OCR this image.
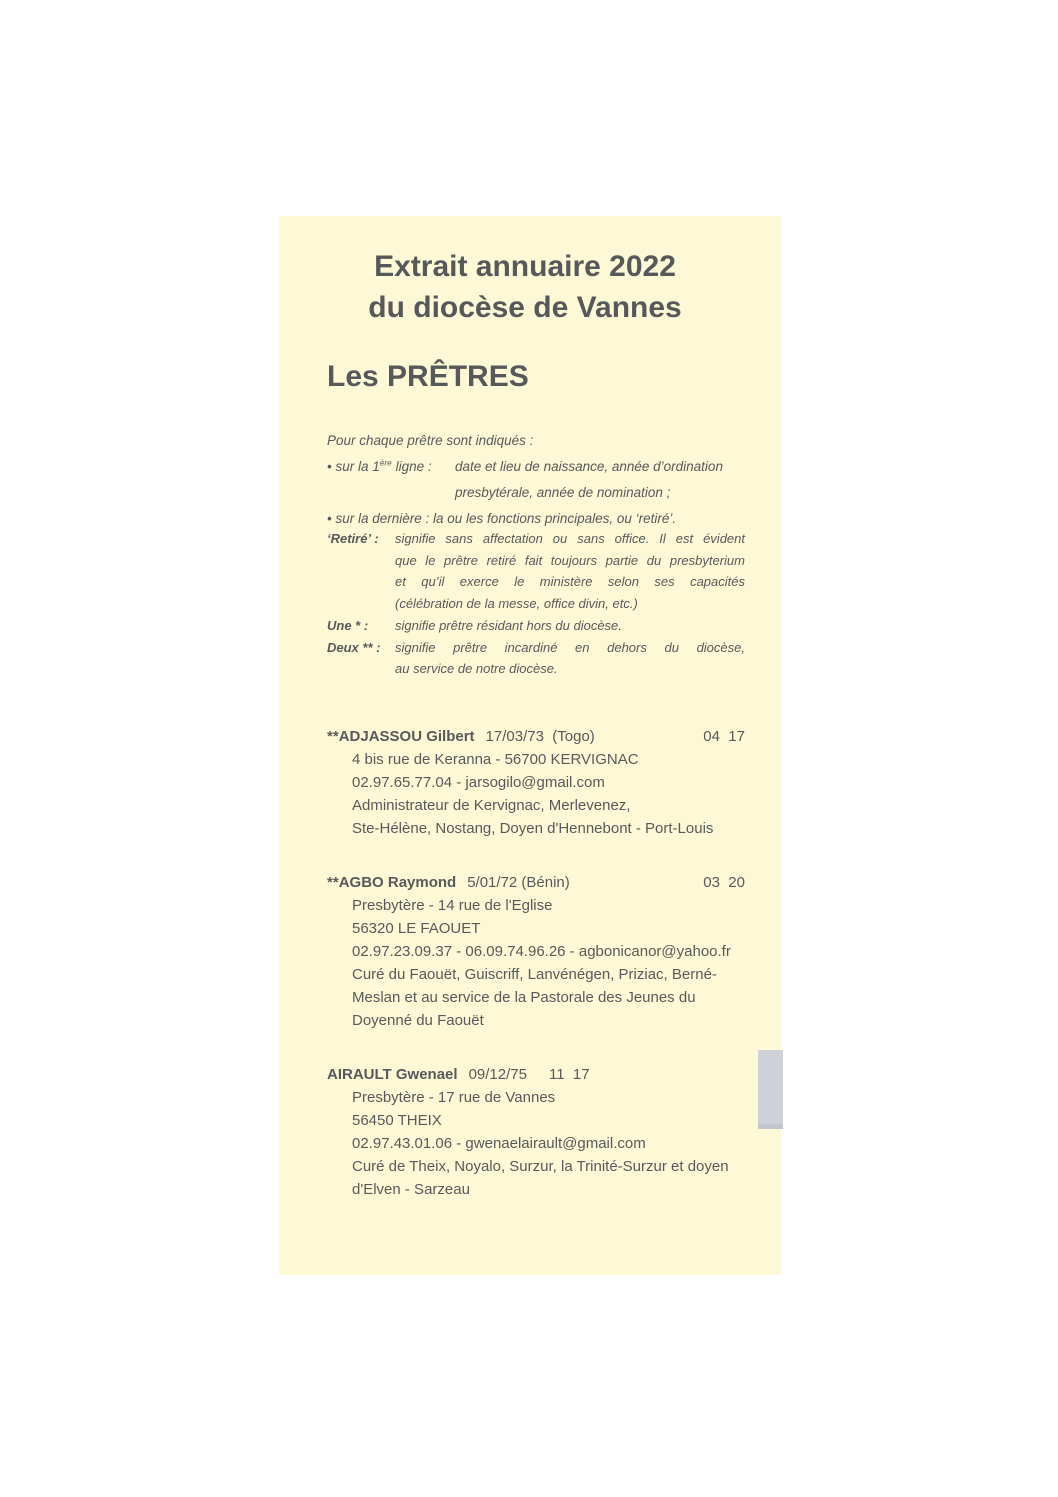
Extrait annuaire 2022
du diocèse de Vannes
Les PRÊTRES
Pour chaque prêtre sont indiqués :
• sur la 1ère ligne :	date et lieu de naissance, année d’ordination
presbytérale, année de nomination ;
• sur la dernière : la ou les fonctions principales, ou ‘retiré’.
‘Retiré’ :	signifie sans affectation ou sans office. Il est évident
que le prêtre retiré fait toujours partie du presbyterium
et qu’il exerce le ministère selon ses capacités
(célébration de la messe, office divin, etc.)
Une * :	signifie prêtre résidant hors du diocèse.
Deux ** :	signifie prêtre incardiné en dehors du diocèse,
au service de notre diocèse.
** ADJASSOU Gilbert 17/03/73  (Togo)	04  17
4 bis rue de Keranna - 56700 KERVIGNAC
02.97.65.77.04 - jarsogilo@gmail.com
Administrateur de Kervignac, Merlevenez,
Ste-Hélène, Nostang, Doyen d'Hennebont - Port-Louis
** AGBO Raymond 5/01/72 (Bénin)	03  20
Presbytère - 14 rue de l'Eglise
56320 LE FAOUET
02.97.23.09.37 - 06.09.74.96.26 - agbonicanor@yahoo.fr
Curé du Faouët, Guiscriff, Lanvénégen, Priziac, Berné-
Meslan et au service de la Pastorale des Jeunes du
Doyenné du Faouët
AIRAULT Gwenael 09/12/75 11  17
Presbytère - 17 rue de Vannes
56450 THEIX
02.97.43.01.06 - gwenaelairault@gmail.com
Curé de Theix, Noyalo, Surzur, la Trinité-Surzur et doyen
d'Elven - Sarzeau
